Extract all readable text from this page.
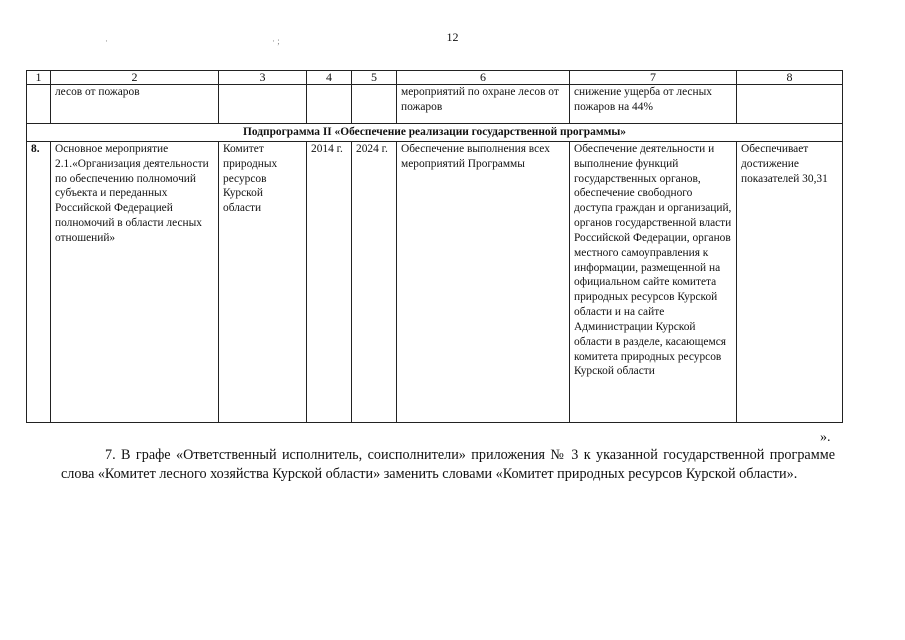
12
·	· ;
1	2	3	4	5	6	7	8
	лесов от пожаров				мероприятий по охране лесов от пожаров	снижение ущерба от лесных пожаров на 44%	
Подпрограмма II «Обеспечение реализации государственной программы»							
8.	Основное мероприятие 2.1.«Организация деятельности по обеспечению полномочий субъекта и переданных Российской Федерацией полномочий в области лесных отношений»	Комитет природных ресурсов Курской области	2014 г.	2024 г.	Обеспечение выполнения всех мероприятий Программы	Обеспечение деятельности и выполнение функций государственных органов, обеспечение свободного доступа граждан и организаций, органов государственной власти Российской Федерации, органов местного самоуправления к информации, размещенной на официальном сайте комитета природных ресурсов Курской области и на сайте Администрации Курской области в разделе, касающемся комитета природных ресурсов Курской области	Обеспечивает достижение показателей 30,31
».

7. В графе «Ответственный исполнитель, соисполнители» приложения № 3 к указанной государственной программе слова «Комитет лесного хозяйства Курской области» заменить словами «Комитет природных ресурсов Курской области».
